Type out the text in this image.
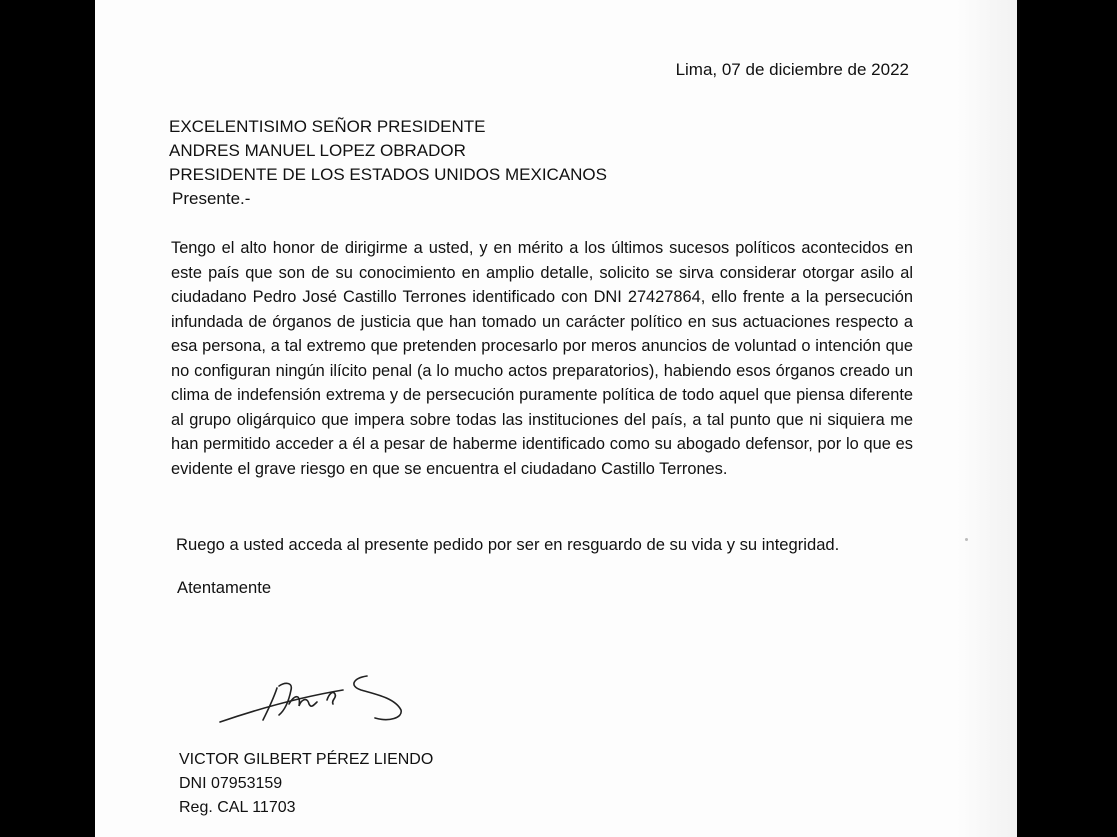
Lima, 07 de diciembre de 2022
EXCELENTISIMO SEÑOR PRESIDENTE
ANDRES MANUEL LOPEZ OBRADOR
PRESIDENTE DE LOS ESTADOS UNIDOS MEXICANOS
Presente.-
Tengo el alto honor de dirigirme a usted, y en mérito a los últimos sucesos políticos acontecidos en este país que son de su conocimiento en amplio detalle, solicito se sirva considerar otorgar asilo al ciudadano Pedro José Castillo Terrones identificado con DNI 27427864, ello frente a la persecución infundada de órganos de justicia que han tomado un carácter político en sus actuaciones respecto a esa persona, a tal extremo que pretenden procesarlo por meros anuncios de voluntad o intención que no configuran ningún ilícito penal (a lo mucho actos preparatorios), habiendo esos órganos creado un clima de indefensión extrema y de persecución puramente política de todo aquel que piensa diferente al grupo oligárquico que impera sobre todas las instituciones del país, a tal punto que ni siquiera me han permitido acceder a él a pesar de haberme identificado como su abogado defensor, por lo que es evidente el grave riesgo en que se encuentra el ciudadano Castillo Terrones.
Ruego a usted acceda al presente pedido por ser en resguardo de su vida y su integridad.
Atentamente
VICTOR GILBERT PÉREZ LIENDO
DNI 07953159
Reg. CAL 11703
